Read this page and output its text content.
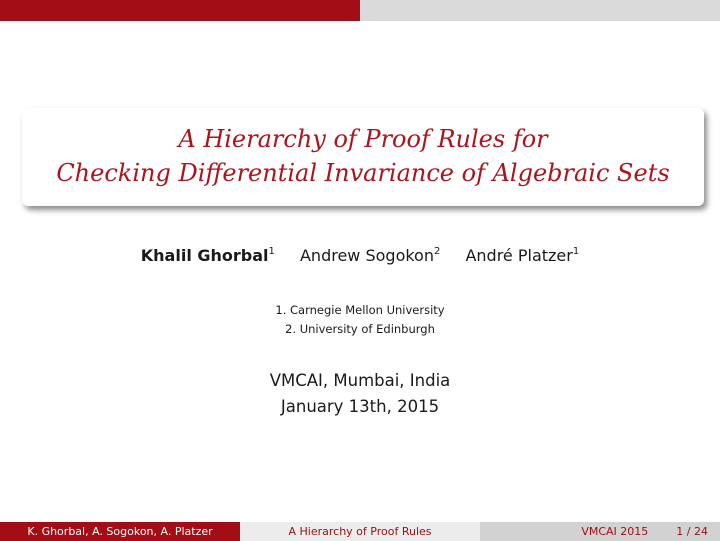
A Hierarchy of Proof Rules for
Checking Differential Invariance of Algebraic Sets
Khalil Ghorbal$^1$ Andrew Sogokon$^2$ André Platzer$^1$
1. Carnegie Mellon University
2. University of Edinburgh
VMCAI, Mumbai, India
January 13th, 2015
K. Ghorbal, A. Sogokon, A. Platzer	A Hierarchy of Proof Rules	VMCAI 2015	1 / 24
